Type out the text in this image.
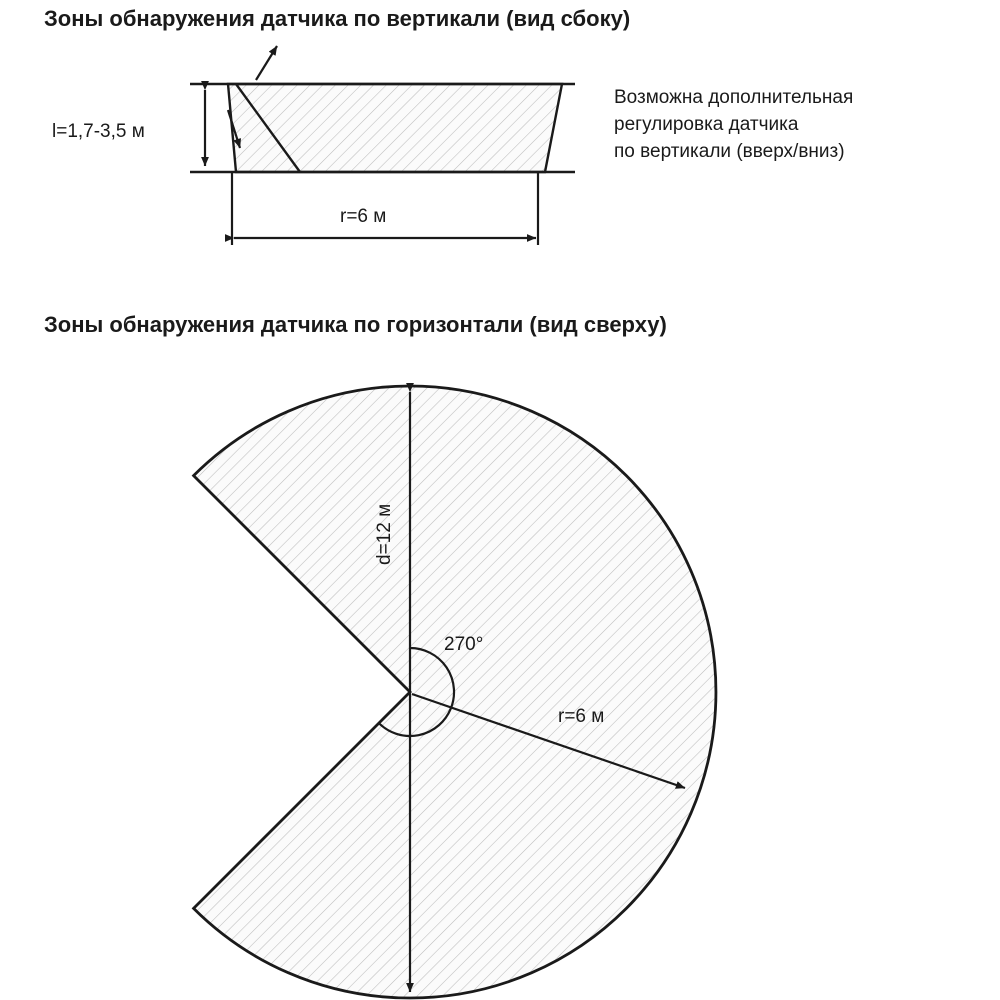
Зоны обнаружения датчика по вертикали (вид сбоку)
Зоны обнаружения датчика по горизонтали (вид сверху)
Возможна дополнительная
регулировка датчика
по вертикали (вверх/вниз)
l=1,7-3,5 м
r=6 м
d=12 м
270°
r=6 м
